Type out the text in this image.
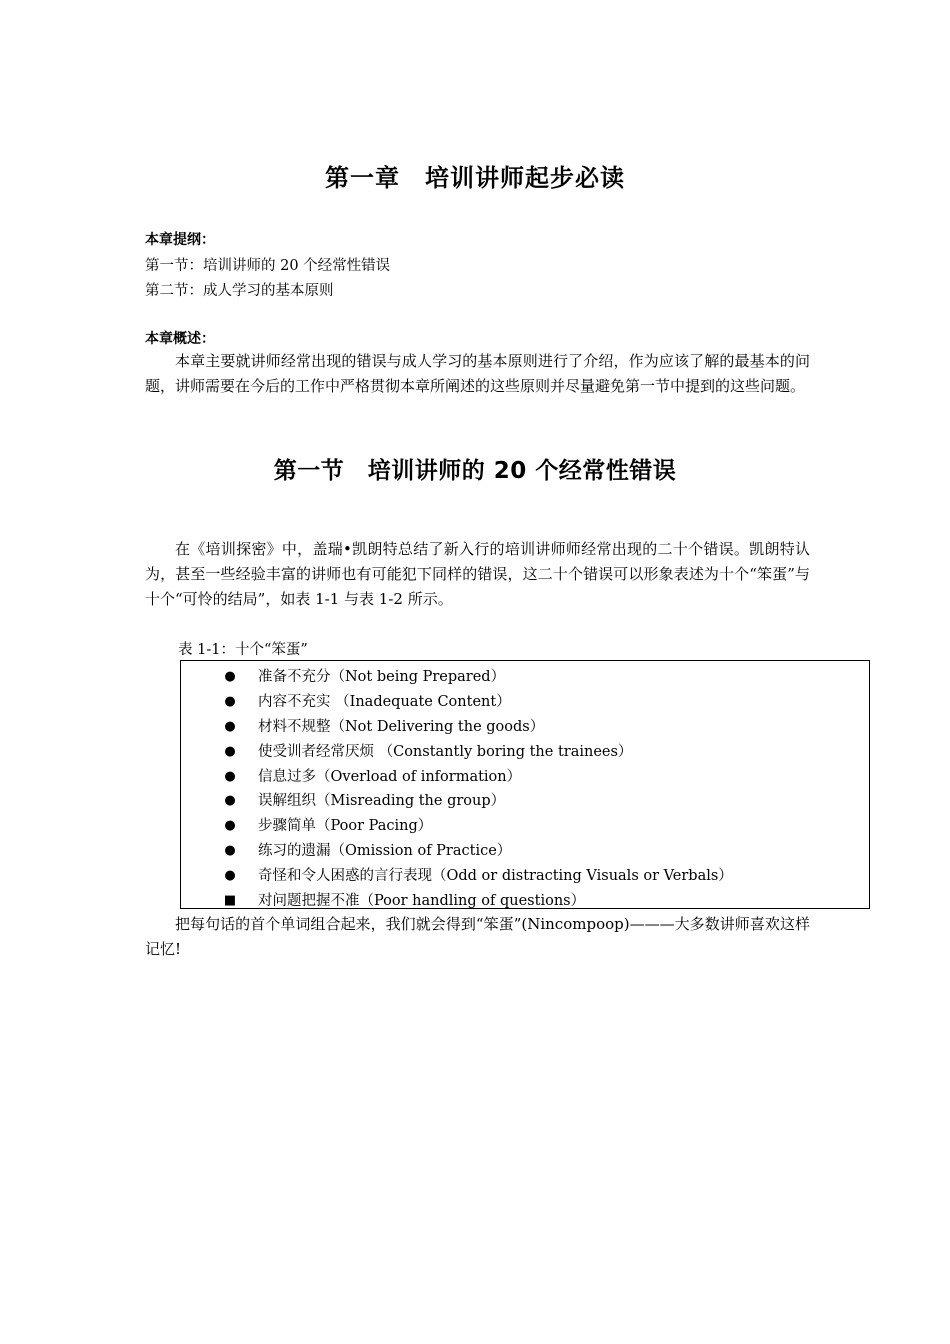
第一章　培训讲师起步必读
本章提纲：
第一节：培训讲师的 20 个经常性错误
第二节：成人学习的基本原则
本章概述：

本章主要就讲师经常出现的错误与成人学习的基本原则进行了介绍，作为应该了解的最基本的问题，讲师需要在今后的工作中严格贯彻本章所阐述的这些原则并尽量避免第一节中提到的这些问题。

第一节　培训讲师的 20 个经常性错误

在《培训探密》中，盖瑞•凯朗特总结了新入行的培训讲师师经常出现的二十个错误。凯朗特认为，甚至一些经验丰富的讲师也有可能犯下同样的错误，这二十个错误可以形象表述为十个“笨蛋”与十个“可怜的结局”，如表 1-1 与表 1-2 所示。

表 1-1：十个“笨蛋”
● 准备不充分（Not being Prepared）
● 内容不充实 （Inadequate Content）
● 材料不规整（Not Delivering the goods）
● 使受训者经常厌烦 （Constantly boring the trainees）
● 信息过多（Overload of information）
● 误解组织（Misreading the group）
● 步骤简单（Poor Pacing）
● 练习的遗漏（Omission of Practice）
● 奇怪和令人困惑的言行表现（Odd or distracting Visuals or Verbals）
■ 对问题把握不准（Poor handling of questions）

把每句话的首个单词组合起来，我们就会得到“笨蛋”(Nincompoop)———大多数讲师喜欢这样记忆!
